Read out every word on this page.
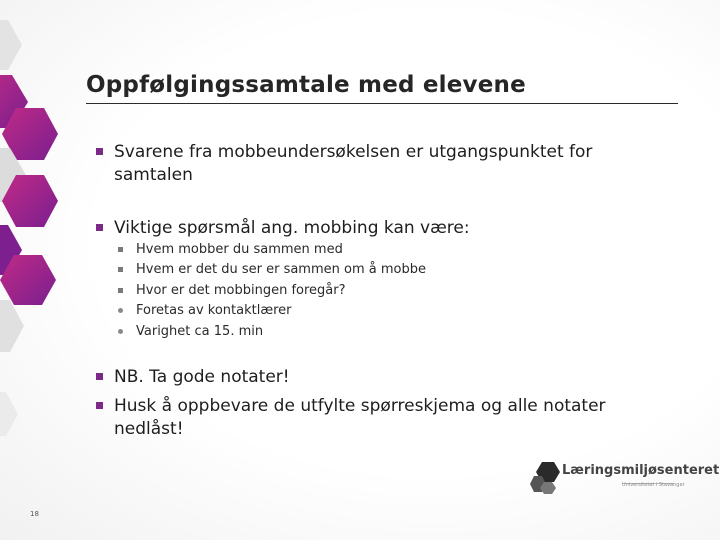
Oppfølgingssamtale med elevene
Svarene fra mobbeundersøkelsen er utgangspunktet for samtalen
Viktige spørsmål ang. mobbing kan være:
Hvem mobber du sammen med
Hvem er det du ser er sammen om å mobbe
Hvor er det mobbingen foregår?
Foretas av kontaktlærer
Varighet ca 15. min
NB. Ta gode notater!
Husk å oppbevare de utfylte spørreskjema og alle notater nedlåst!
Læringsmiljøsenteret
Universitetet i Stavanger
18
